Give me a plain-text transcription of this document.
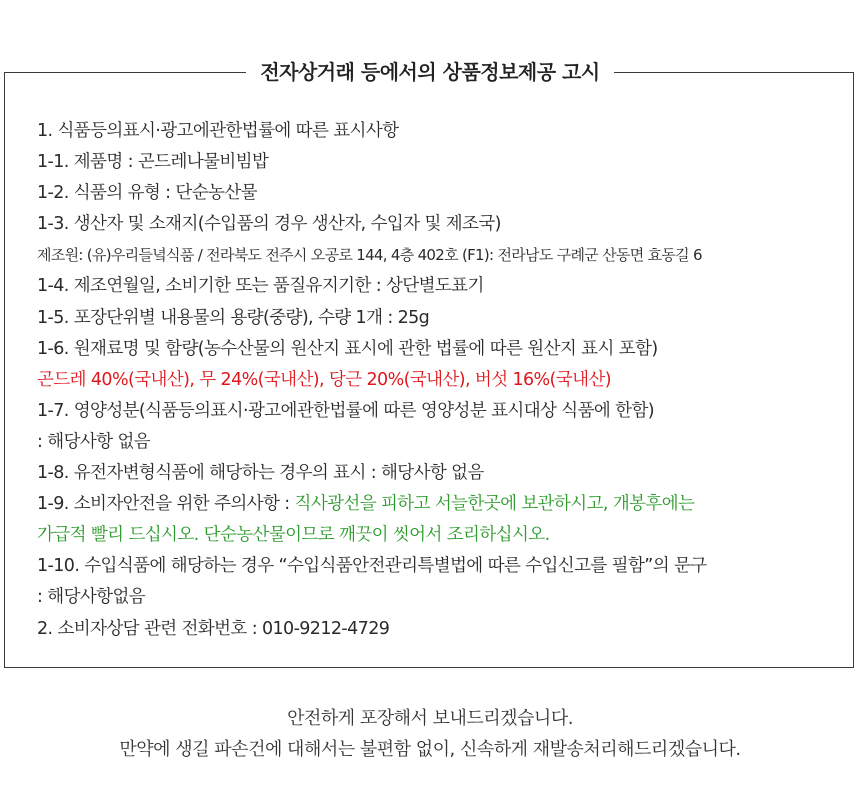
전자상거래 등에서의 상품정보제공 고시
1. 식품등의표시·광고에관한법률에 따른 표시사항
1-1. 제품명 : 곤드레나물비빔밥
1-2. 식품의 유형 : 단순농산물
1-3. 생산자 및 소재지(수입품의 경우 생산자, 수입자 및 제조국)
제조원: (유)우리들녘식품 / 전라북도 전주시 오공로 144, 4층 402호 (F1): 전라남도 구례군 산동면 효동길 6
1-4. 제조연월일, 소비기한 또는 품질유지기한 : 상단별도표기
1-5. 포장단위별 내용물의 용량(중량), 수량 1개 : 25g
1-6. 원재료명 및 함량(농수산물의 원산지 표시에 관한 법률에 따른 원산지 표시 포함)
곤드레 40%(국내산), 무 24%(국내산), 당근 20%(국내산), 버섯 16%(국내산)
1-7. 영양성분(식품등의표시·광고에관한법률에 따른 영양성분 표시대상 식품에 한함)
: 해당사항 없음
1-8. 유전자변형식품에 해당하는 경우의 표시 : 해당사항 없음
1-9. 소비자안전을 위한 주의사항 : 직사광선을 피하고 서늘한곳에 보관하시고, 개봉후에는
가급적 빨리 드십시오. 단순농산물이므로 깨끗이 씻어서 조리하십시오.
1-10. 수입식품에 해당하는 경우 “수입식품안전관리특별법에 따른 수입신고를 필함”의 문구
: 해당사항없음
2. 소비자상담 관련 전화번호 : 010-9212-4729
안전하게 포장해서 보내드리겠습니다.
만약에 생길 파손건에 대해서는 불편함 없이, 신속하게 재발송처리해드리겠습니다.
